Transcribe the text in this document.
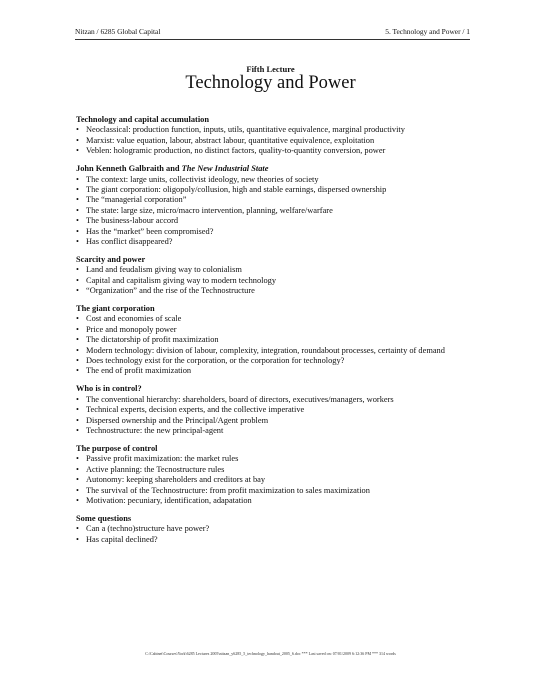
Nitzan / 6285 Global Capital	5. Technology and Power / 1
Fifth Lecture
Technology and Power
Technology and capital accumulation
• Neoclassical: production function, inputs, utils, quantitative equivalence, marginal productivity
• Marxist: value equation, labour, abstract labour, quantitative equivalence, exploitation
• Veblen: hologramic production, no distinct factors, quality-to-quantity conversion, power
John Kenneth Galbraith and The New Industrial State
• The context: large units, collectivist ideology, new theories of society
• The giant corporation: oligopoly/collusion, high and stable earnings, dispersed ownership
• The “managerial corporation”
• The state: large size, micro/macro intervention, planning, welfare/warfare
• The business-labour accord
• Has the “market” been compromised?
• Has conflict disappeared?
Scarcity and power
• Land and feudalism giving way to colonialism
• Capital and capitalism giving way to modern technology
• “Organization” and the rise of the Technostructure
The giant corporation
• Cost and economies of scale
• Price and monopoly power
• The dictatorship of profit maximization
• Modern technology: division of labour, complexity, integration, roundabout processes, certainty of demand
• Does technology exist for the corporation, or the corporation for technology?
• The end of profit maximization
Who is in control?
• The conventional hierarchy: shareholders, board of directors, executives/managers, workers
• Technical experts, decision experts, and the collective imperative
• Dispersed ownership and the Principal/Agent problem
• Technostructure: the new principal-agent
The purpose of control
• Passive profit maximization: the market rules
• Active planning: the Tecnostructure rules
• Autonomy: keeping shareholders and creditors at bay
• The survival of the Technostructure: from profit maximization to sales maximization
• Motivation: pecuniary, identification, adapatation
Some questions
• Can a (techno)structure have power?
• Has capital declined?
C:\Cabinet\Courses\York\6285 Lectures 2005\nitzan_y6285_5_technology_handout_2005_6.doc *** Last saved on: 07/01/2009 6:12:36 PM *** 314 words
